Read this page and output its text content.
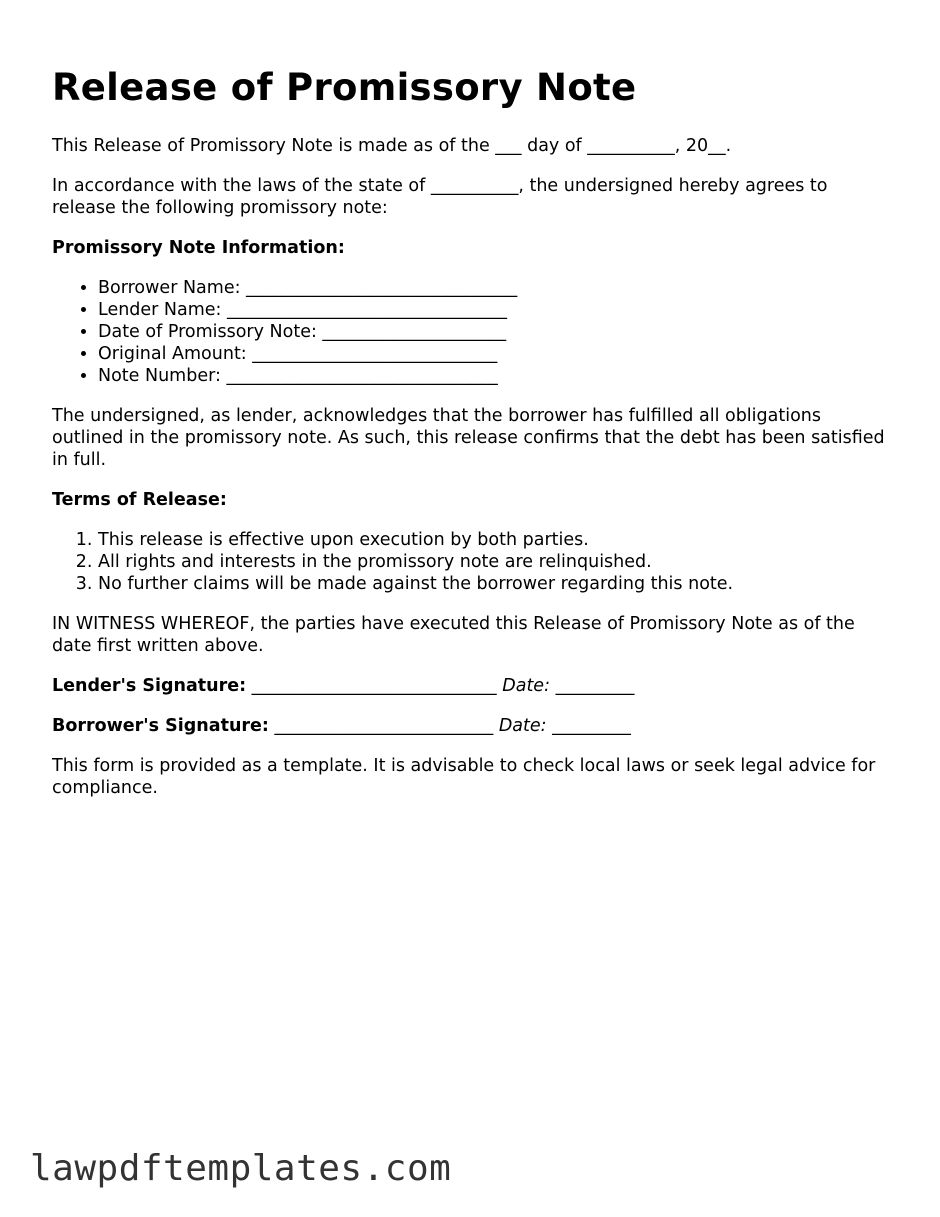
Release of Promissory Note

This Release of Promissory Note is made as of the ___ day of __________, 20__.

In accordance with the laws of the state of __________, the undersigned hereby agrees to release the following promissory note:

Promissory Note Information:
• Borrower Name: _______________________________
• Lender Name: ________________________________
• Date of Promissory Note: _____________________
• Original Amount: ____________________________
• Note Number: _______________________________

The undersigned, as lender, acknowledges that the borrower has fulfilled all obligations outlined in the promissory note. As such, this release confirms that the debt has been satisfied in full.

Terms of Release:
1. This release is effective upon execution by both parties.
2. All rights and interests in the promissory note are relinquished.
3. No further claims will be made against the borrower regarding this note.

IN WITNESS WHEREOF, the parties have executed this Release of Promissory Note as of the date first written above.

Lender's Signature: ____________________________ Date: _________
Borrower's Signature: _________________________ Date: _________

This form is provided as a template. It is advisable to check local laws or seek legal advice for compliance.

lawpdftemplates.com
